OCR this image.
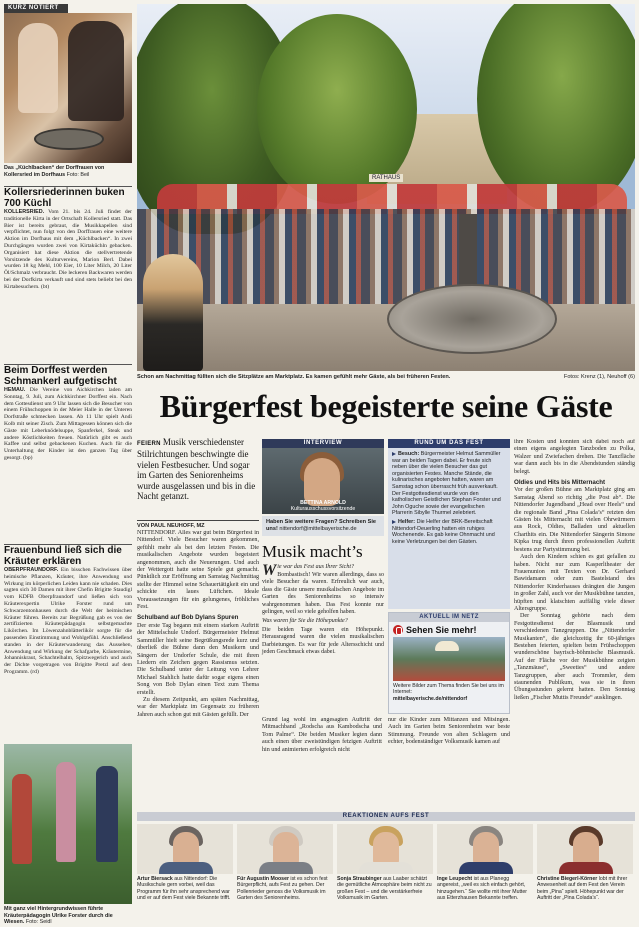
KURZ NOTIERT
Das „Küchlbacken“ der Dorffrauen von Kollersried im Dorfhaus Foto: Beil
Kollersriederinnen buken 700 Küchl
KOLLERSRIED. Vom 21. bis 24. Juli findet der traditionelle Kirta in der Ortschaft Kollersried statt. Das Bier ist bereits gebraut, die Musikkapellen sind verpflichtet, nun folgt von den Dorffrauen eine weitere Aktion im Dorfhaus mit dem „Küchlbacken“. In zwei Durchgängen wurden zwei von Kirtaküchln gebacken. Organisiert hat diese Aktion die stellvertretende Vorsitzende des Kulturvereins, Marion Berl. Dabei wurden 18 kg Mehl, 100 Eier, 10 Liter Milch, 20 Liter Öl/Schmalz verbraucht. Die leckeren Backwaren werden bei der Dorfkirta verkauft und sind stets beliebt bei den Kirtabesuchern. (bt)
Beim Dorffest werden Schmankerl aufgetischt
HEMAU. Die Vereine von Aichkirchen laden am Sonntag, 9. Juli, zum Aichkirchner Dorffest ein. Nach dem Gottesdienst um 9 Uhr lassen sich die Besucher von einem Frühschoppen in der Meier Halle in der Unteren Dorfstraße schmecken lassen. Ab 11 Uhr spielt Andi Kolb mit seiner Zisch. Zum Mittagessen können sich die Gäste mit Leberknödelsuppe, Spanferkel, Steak und andere Köstlichkeiten freuen. Natürlich gibt es auch Kaffee und selbst gebackenen Kuchen. Auch für die Unterhaltung der Kinder ist den ganzen Tag über gesorgt. (bp)
Frauenbund ließ sich die Kräuter erklären
OBERPFRAUNDORF. Ein bisschen Fachwissen über heimische Pflanzen, Kräuter, ihre Anwendung und Wirkung im körperlichen Leiden kann nie schaden. Dies sagten sich 30 Damen mit ihrer Chefin Brigitte Staudigl vom KDFB Oberpfraundorf und ließen sich von Kräuterexpertin Ulrike Forster rund um Schwarzentonhausen durch die Welt der heimischen Kräuter führen. Bereits zur Begrüßung gab es von der zertifizierten Kräuterpädagogin selbstgemachte Likörchen. Im Löwenzahnblätterlikör sorgte für die passenden Einstimmung und Wohlgefühl. Anschließend standen in der Kräuterwanderung das Aussehen, Anwendung und Wirkung der Schafgarbe, Kräutermine, Johanniskraut, Schachtelhalm, Spitzwegerich und auch der Dichte vorgetragen von Brigitte Pretzl auf dem Programm. (rd)
Mit ganz viel Hintergrundwissen führte Kräuterpädagogin Ulrike Forster durch die Wiesen. Foto: Seidl
RATHAUS
Schon am Nachmittag füllten sich die Sitzplätze am Marktplatz. Es kamen gefühlt mehr Gäste, als bei früheren Festen.	Fotos: Krenz (1), Neuhoff (6)
Bürgerfest begeisterte seine Gäste
FEIERN Musik verschiedenster Stilrichtungen beschwingte die vielen Festbesucher. Und sogar im Garten des Seniorenheims wurde ausgelassen und bis in die Nacht getanzt.
VON PAUL NEUHOFF, MZ

NITTENDORF. Alles war gut beim Bürgerfest in Nittendorf. Viele Besucher waren gekommen, gefühlt mehr als bei den letzten Festen. Die musikalischen Angebote wurden begeistert angenommen, auch die Neuerungen. Und auch der Wettergott hatte seine Spiele gut gemacht. Pünktlich zur Eröffnung am Samstag Nachmittag stellte der Himmel seine Schauertätigkeit ein und schickte ein laues Lüftchen. Ideale Voraussetzungen für ein gelungenes, fröhliches Fest.

Schulband auf Bob Dylans Spuren

Der erste Tag begann mit einem starken Auftritt der Mittelschule Undorf. Bürgermeister Helmut Sammüller hielt seine Begrüßungsrede kurz und überließ die Bühne dann den Musikern und Sängern der Undorfer Schule, die mit ihren Liedern ein Zeichen gegen Rassismus setzten. Die Schulband unter der Leitung von Lehrer Michael Stahlich hatte dafür sogar eigens einen Song von Bob Dylan einen Text zum Thema erstellt.

Zu diesem Zeitpunkt, am späten Nachmittag, war der Marktplatz im Gegensatz zu früheren Jahren auch schon gut mit Gästen gefüllt. Der

INTERVIEW
BETTINA ARNOLD
Kulturausschussvorsitzende
Haben Sie weitere Fragen? Schreiben Sie uns! nittendorf@mittelbayerische.de
Musik macht’s
Wie war das Fest aus Ihrer Sicht?
Bombastisch! Wir waren allerdings, dass so viele Besucher da waren. Erfreulich war auch, dass die Gäste unsere musikalischen Angebote im Garten des Seniorenheims so intensiv wahrgenommen haben. Das Fest konnte nur gelingen, weil so viele geholfen haben.
Was waren für Sie die Höhepunkte?
Die beiden Tage waren ein Höhepunkt. Herausragend waren die vielen musikalischen Darbietungen. Es war für jede Altersschicht und jeden Geschmack etwas dabei.
RUND UM DAS FEST

Besuch: Bürgermeister Helmut Sammüller war an beiden Tagen dabei. Er freute sich neben über die vielen Besucher das gut organisierten Festes. Manche Stände, die kulinarisches angeboten hatten, waren am Samstag schon überrascht früh ausverkauft. Der Festgottesdienst wurde von den katholischen Geistlichen Stephan Forster und John Oguche sowie der evangelischen Pfarrerin Sibylle Thurmel zelebriert.

Helfer: Die Helfer der BRK-Bereitschaft Nittendorf-Deuerling hatten ein ruhiges Wochenende. Es gab keine Ohnmacht und keine Verletzungen bei den Gästen.

AKTUELL IM NETZ
Sehen Sie mehr!
Weitere Bilder zum Thema finden Sie bei uns im Internet:
mittelbayerische.de/nittendorf

Grund lag wohl im angesagten Auftritt der Mitmachband „Rodscha aus Kambodscha und Tom Palme“. Die beiden Musiker legten dann auch einen über zweistündigen fetzigen Auftritt hin und animierten erfolgreich nicht

nur die Kinder zum Mittanzen und Mitsingen. Auch im Garten beim Seniorenheim war beste Stimmung. Freunde von alten Schlagern und echter, bodenständiger Volksmusik kamen auf

ihre Kosten und konnten sich dabei noch auf einen eigens angelegten Tanzboden zu Polka, Walzer und Zwiefachen drehen. Die Tanzfläche war dann auch bis in die Abendstunden ständig belegt.

Oldies und Hits bis Mitternacht

Vor der großen Bühne am Marktplatz ging am Samstag Abend so richtig „die Post ab“. Die Nittendorfer Jugendband „Head over Heels“ und die regionale Band „Pina Colada’s“ reizten den Gästen bis Mitternacht mit vielen Ohrwürmern aus Rock, Oldies, Balladen und aktuellen Charthits ein. Die Nittendorfer Sängerin Simone Kipka trug durch ihren professionellen Auftritt bestens zur Partystimmung bei.

Auch den Kindern schien es gut gefallen zu haben. Nicht nur zum Kasperltheater der Frauenunion mit Texten von Dr. Gerhard Bawidamann oder zum Bastelstand des Nittendorfer Kinderhauses drängten die Jungen in großer Zahl, auch vor der Musikbühne tanzten, hüpften und klatschten auffällig viele dieser Altersgruppe.

Der Sonntag gehörte nach dem Festgottesdienst der Blasmusik und verschiedenen Tanzgruppen. Die „Nittendorfer Musikanten“, die gleichzeitig ihr 60-jähriges Bestehen feierten, spielten beim Frühschoppen wunderschöne bayrisch-böhmische Blasmusik. Auf der Fläche vor der Musikbühne zeigten „Tanzmäuse“, „Sweeties“ und andere Tanzgruppen, aber auch Trommler, dem staunenden Publikum, was sie in ihren Übungsstunden gelernt hatten. Den Sonntag ließen „Fischer Muttis Freunde“ ausklingen.

REAKTIONEN AUFS FEST
Artur Biersack aus Nittendorf: Die Musikschule gern vorbei, weil das Programm für ihn sehr ansprechend war und er auf dem Fest viele Bekannte trifft.
Für Augustin Mooser ist es schon fest Bürgerpflicht, aufs Fest zu gehen. Der Pollenrieder genoss die Volksmusik im Garten des Seniorenheims.
Sonja Straubinger aus Laaber schätzt die gemütliche Atmosphäre beim nicht zu großen Fest – und die verstärkerfreie Volksmusik im Garten.
Inge Leupecht ist aus Planegg angereist, „weil es sich einfach gehört, hinzugehen.“ Sie wollte mit ihrer Mutter aus Etterzhausen Bekannte treffen.
Christine Biegerl-Körner lobt mit ihrer Anwesenheit auf dem Fest den Verein beim „Pina“ spielt. Höhepunkt war der Auftritt der „Pina Colada’s“.
